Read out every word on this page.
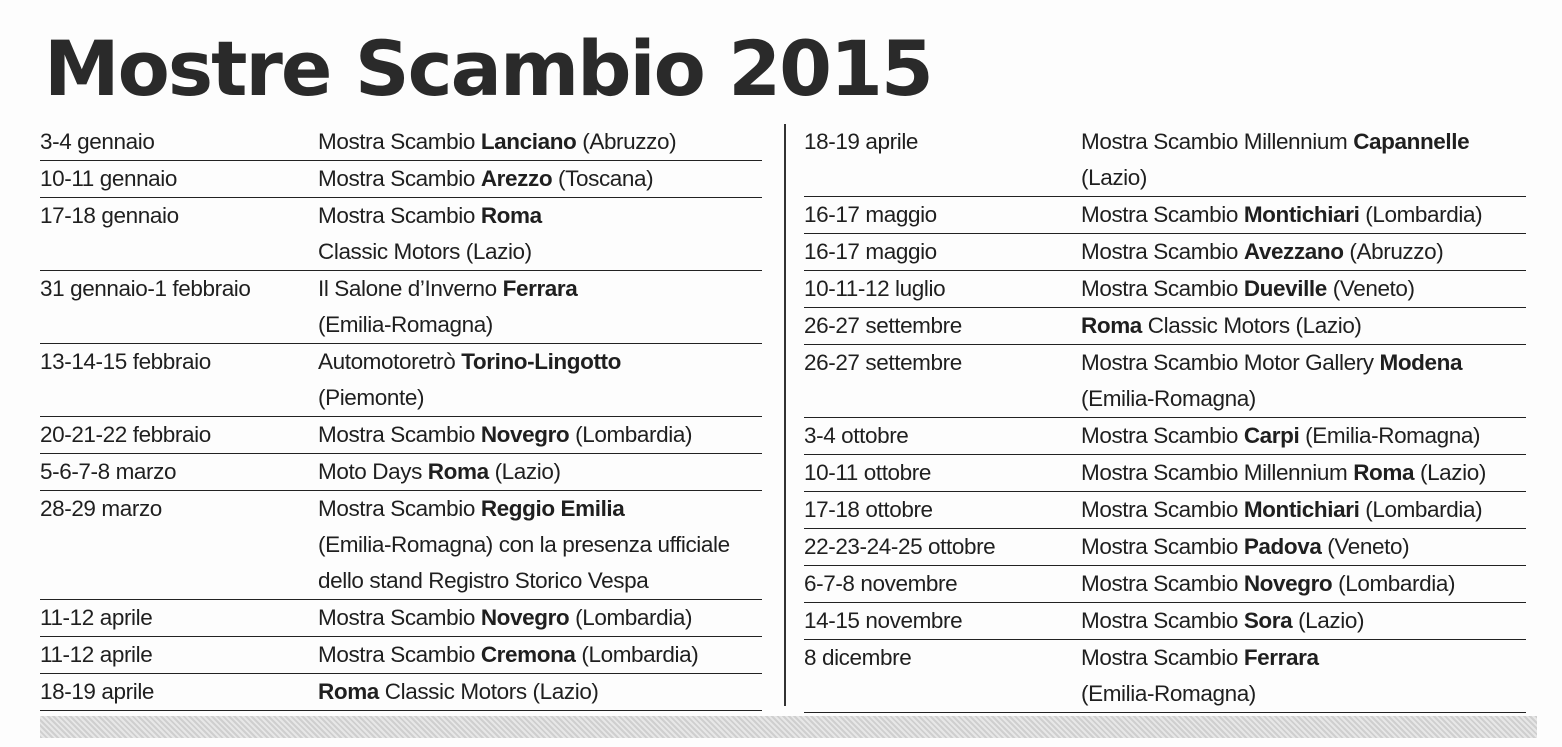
Mostre Scambio 2015
3-4 gennaio	Mostra Scambio Lanciano (Abruzzo)
10-11 gennaio	Mostra Scambio Arezzo (Toscana)
17-18 gennaio	Mostra Scambio Roma
Classic Motors (Lazio)
31 gennaio-1 febbraio	Il Salone d’Inverno Ferrara
(Emilia-Romagna)
13-14-15 febbraio	Automotoretrò Torino-Lingotto
(Piemonte)
20-21-22 febbraio	Mostra Scambio Novegro (Lombardia)
5-6-7-8 marzo	Moto Days Roma (Lazio)
28-29 marzo	Mostra Scambio Reggio Emilia
(Emilia-Romagna) con la presenza ufficiale
dello stand Registro Storico Vespa
11-12 aprile	Mostra Scambio Novegro (Lombardia)
11-12 aprile	Mostra Scambio Cremona (Lombardia)
18-19 aprile	Roma Classic Motors (Lazio)
18-19 aprile	Mostra Scambio Millennium Capannelle
(Lazio)
16-17 maggio	Mostra Scambio Montichiari (Lombardia)
16-17 maggio	Mostra Scambio Avezzano (Abruzzo)
10-11-12 luglio	Mostra Scambio Dueville (Veneto)
26-27 settembre	Roma Classic Motors (Lazio)
26-27 settembre	Mostra Scambio Motor Gallery Modena
(Emilia-Romagna)
3-4 ottobre	Mostra Scambio Carpi (Emilia-Romagna)
10-11 ottobre	Mostra Scambio Millennium Roma (Lazio)
17-18 ottobre	Mostra Scambio Montichiari (Lombardia)
22-23-24-25 ottobre	Mostra Scambio Padova (Veneto)
6-7-8 novembre	Mostra Scambio Novegro (Lombardia)
14-15 novembre	Mostra Scambio Sora (Lazio)
8 dicembre	Mostra Scambio Ferrara
(Emilia-Romagna)
